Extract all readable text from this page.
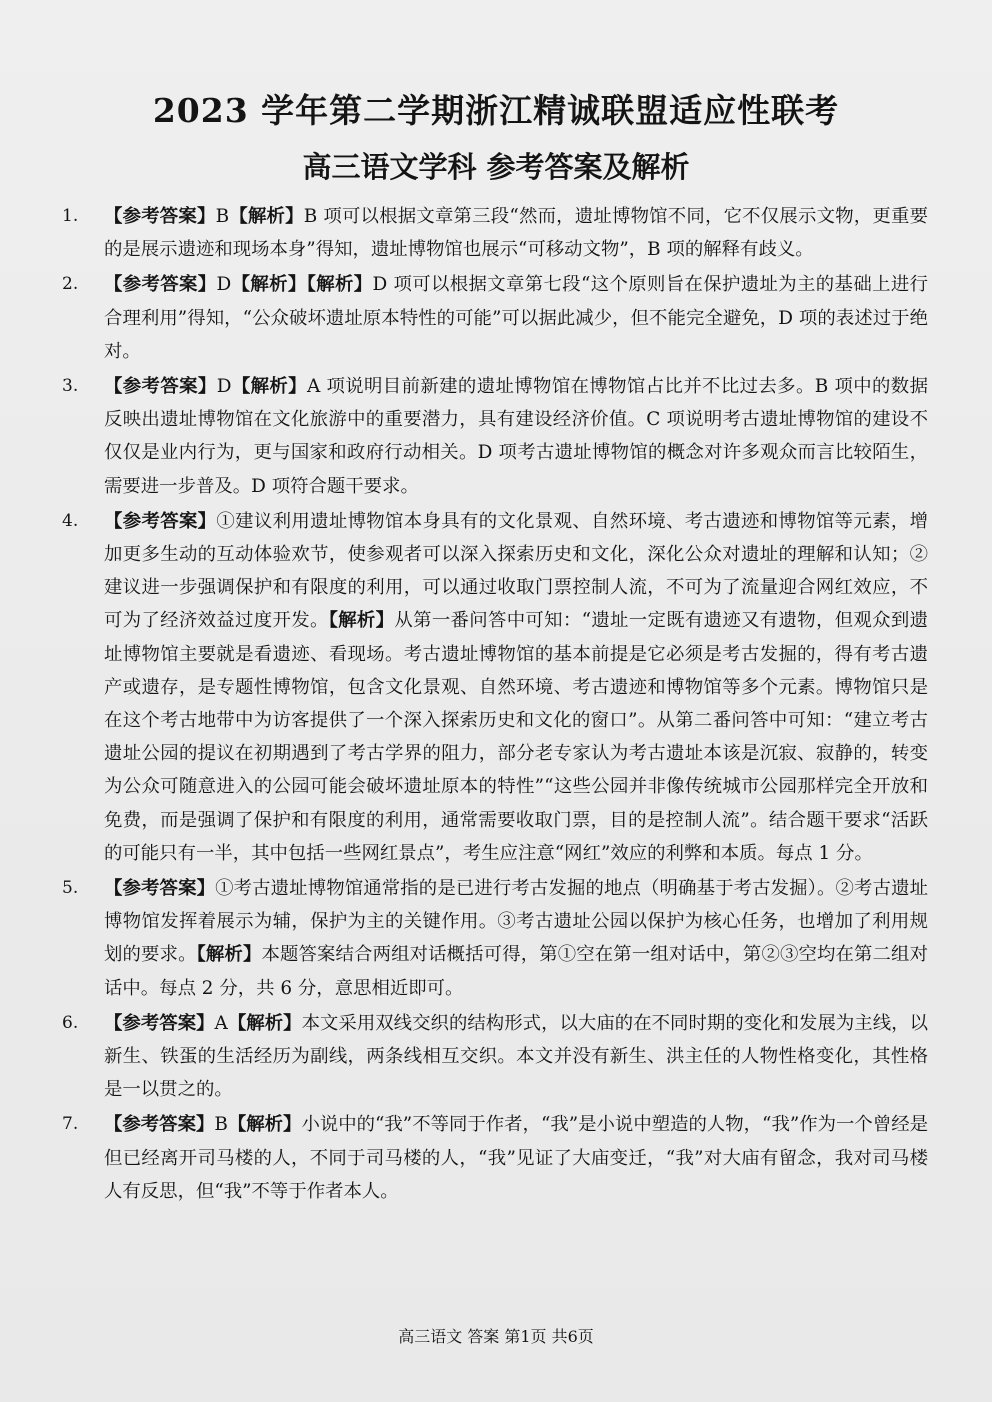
2023 学年第二学期浙江精诚联盟适应性联考
高三语文学科 参考答案及解析
1. 【参考答案】B【解析】B 项可以根据文章第三段“然而，遗址博物馆不同，它不仅展示文物，更重要的是展示遗迹和现场本身”得知，遗址博物馆也展示“可移动文物”，B 项的解释有歧义。
2. 【参考答案】D【解析】【解析】D 项可以根据文章第七段“这个原则旨在保护遗址为主的基础上进行合理利用”得知，“公众破坏遗址原本特性的可能”可以据此减少，但不能完全避免，D 项的表述过于绝对。
3. 【参考答案】D【解析】A 项说明目前新建的遗址博物馆在博物馆占比并不比过去多。B 项中的数据反映出遗址博物馆在文化旅游中的重要潜力，具有建设经济价值。C 项说明考古遗址博物馆的建设不仅仅是业内行为，更与国家和政府行动相关。D 项考古遗址博物馆的概念对许多观众而言比较陌生，需要进一步普及。D 项符合题干要求。
4. 【参考答案】①建议利用遗址博物馆本身具有的文化景观、自然环境、考古遗迹和博物馆等元素，增加更多生动的互动体验欢节，使参观者可以深入探索历史和文化，深化公众对遗址的理解和认知；②建议进一步强调保护和有限度的利用，可以通过收取门票控制人流，不可为了流量迎合网红效应，不可为了经济效益过度开发。【解析】从第一番问答中可知：“遗址一定既有遗迹又有遗物，但观众到遗址博物馆主要就是看遗迹、看现场。考古遗址博物馆的基本前提是它必须是考古发掘的，得有考古遗产或遗存，是专题性博物馆，包含文化景观、自然环境、考古遗迹和博物馆等多个元素。博物馆只是在这个考古地带中为访客提供了一个深入探索历史和文化的窗口”。从第二番问答中可知：“建立考古遗址公园的提议在初期遇到了考古学界的阻力，部分老专家认为考古遗址本该是沉寂、寂静的，转变为公众可随意进入的公园可能会破坏遗址原本的特性”“这些公园并非像传统城市公园那样完全开放和免费，而是强调了保护和有限度的利用，通常需要收取门票，目的是控制人流”。结合题干要求“活跃的可能只有一半，其中包括一些网红景点”，考生应注意“网红”效应的利弊和本质。每点 1 分。
5. 【参考答案】①考古遗址博物馆通常指的是已进行考古发掘的地点（明确基于考古发掘）。②考古遗址博物馆发挥着展示为辅，保护为主的关键作用。③考古遗址公园以保护为核心任务，也增加了利用规划的要求。【解析】本题答案结合两组对话概括可得，第①空在第一组对话中，第②③空均在第二组对话中。每点 2 分，共 6 分，意思相近即可。
6. 【参考答案】A【解析】本文采用双线交织的结构形式，以大庙的在不同时期的变化和发展为主线，以新生、铁蛋的生活经历为副线，两条线相互交织。本文并没有新生、洪主任的人物性格变化，其性格是一以贯之的。
7. 【参考答案】B【解析】小说中的“我”不等同于作者，“我”是小说中塑造的人物，“我”作为一个曾经是但已经离开司马楼的人，不同于司马楼的人，“我”见证了大庙变迁，“我”对大庙有留念，我对司马楼人有反思，但“我”不等于作者本人。
高三语文 答案 第1页 共6页
